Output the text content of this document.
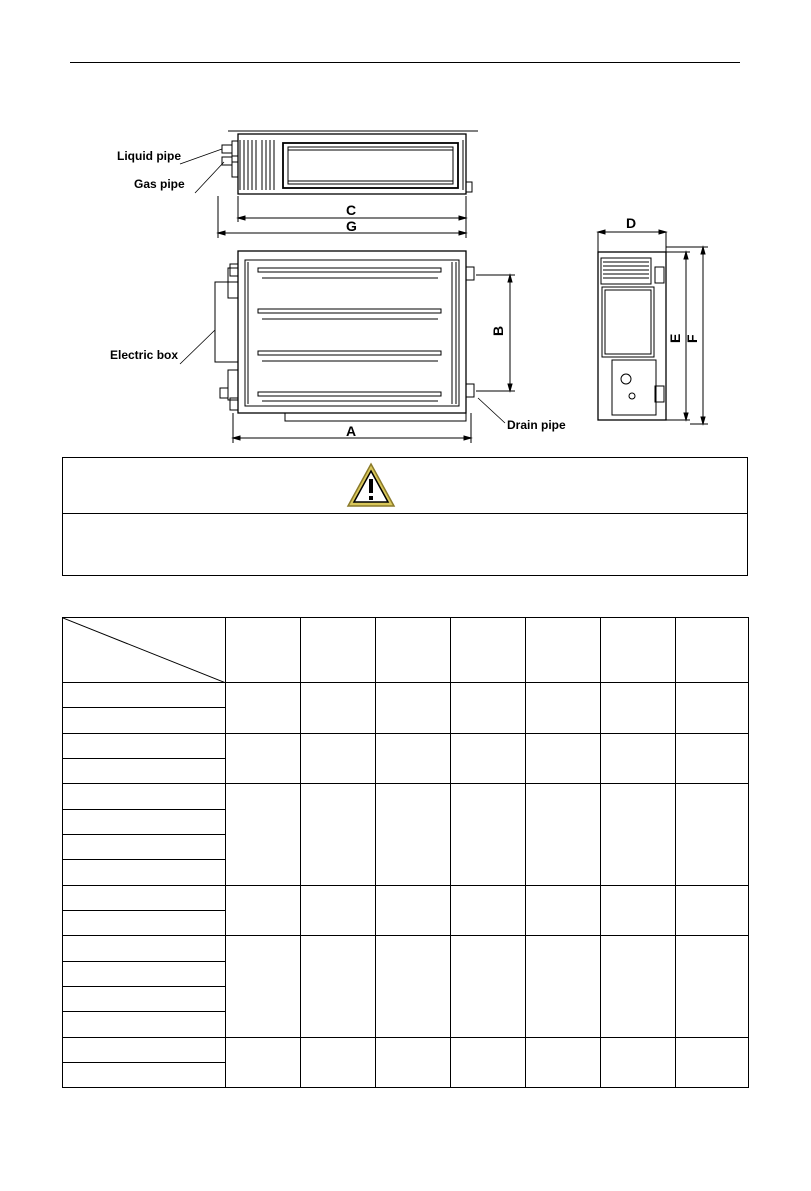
Liquid pipe
Gas pipe
C
G
Electric box
Drain pipe
A
B
D
E F
